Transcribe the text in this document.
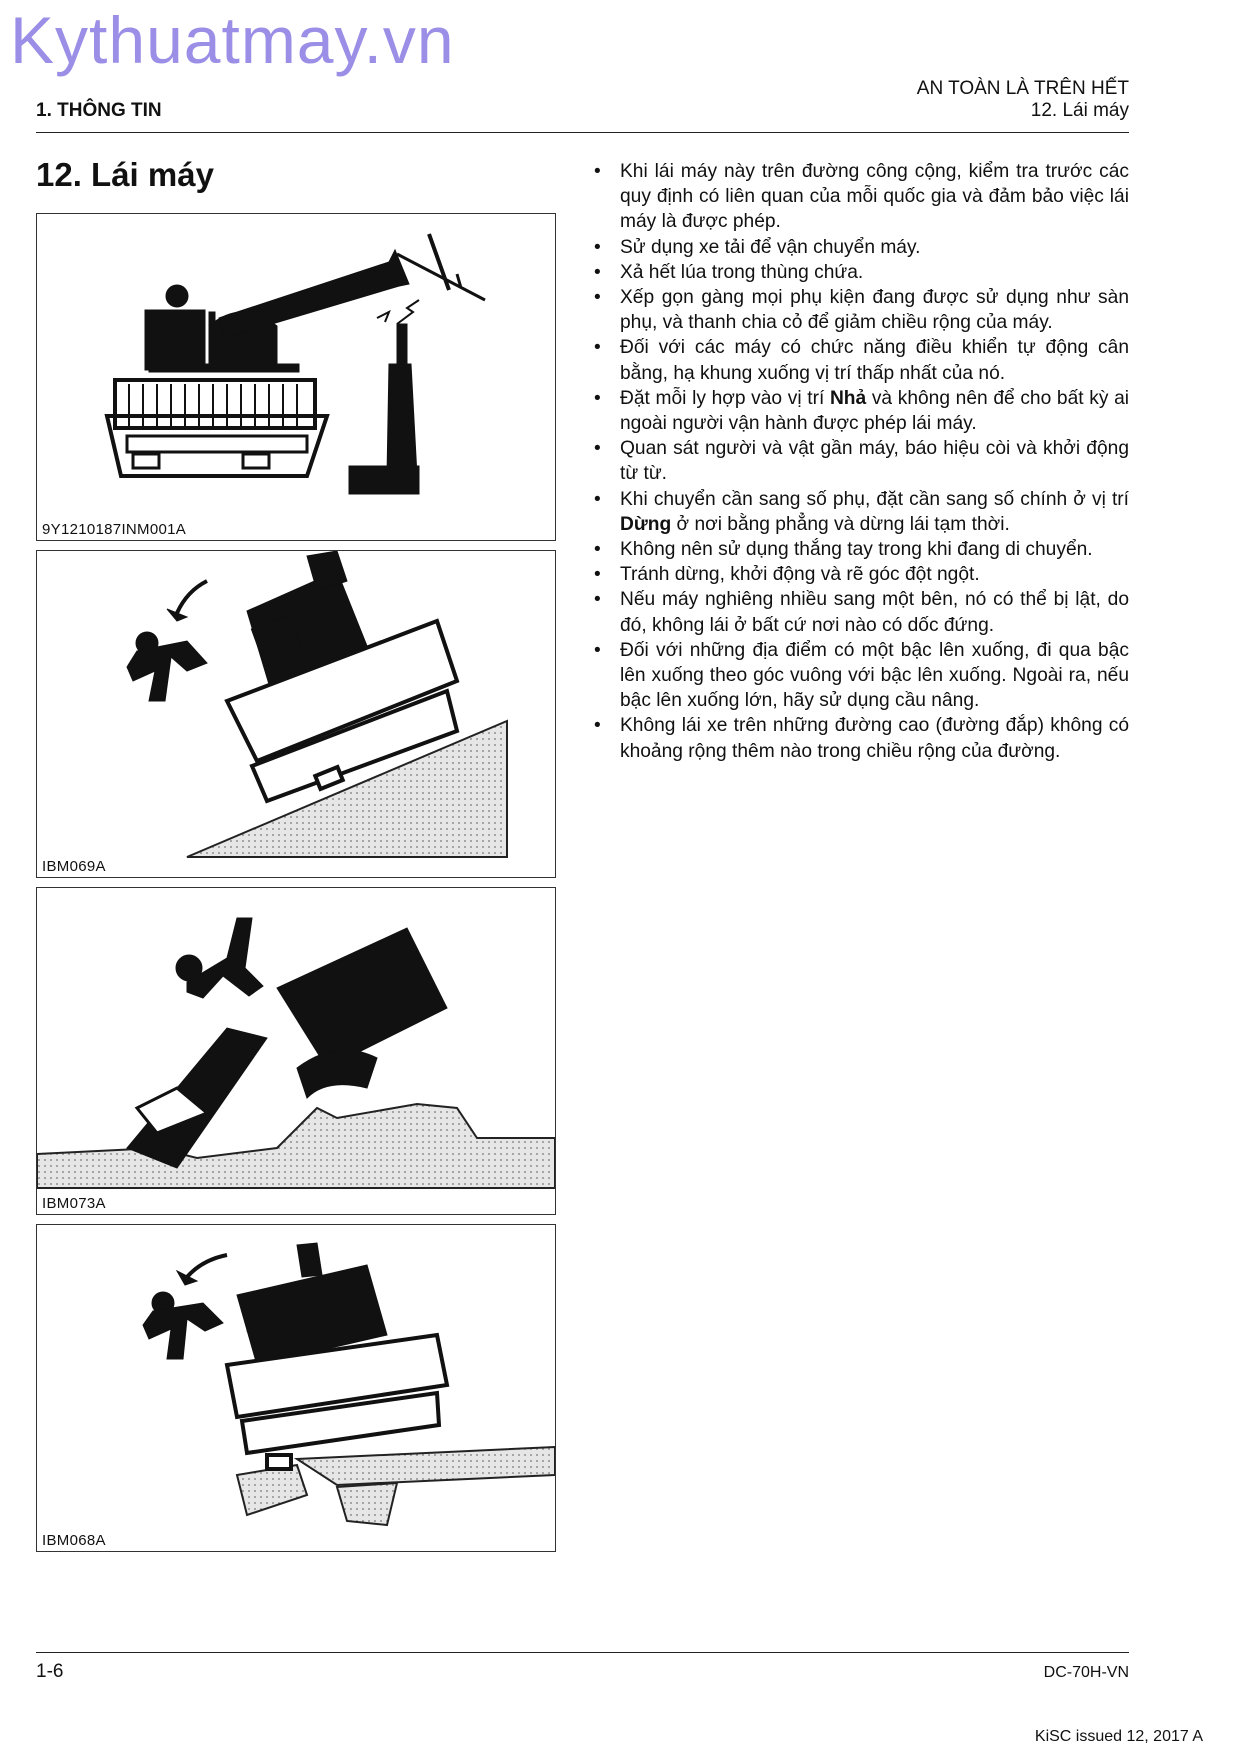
Kythuatmay.vn
1. THÔNG TIN
AN TOÀN LÀ TRÊN HẾT
12. Lái máy
12. Lái máy
9Y1210187INM001A
IBM069A
IBM073A
IBM068A
• Khi lái máy này trên đường công cộng, kiểm tra trước các quy định có liên quan của mỗi quốc gia và đảm bảo việc lái máy là được phép.
• Sử dụng xe tải để vận chuyển máy.
• Xả hết lúa trong thùng chứa.
• Xếp gọn gàng mọi phụ kiện đang được sử dụng như sàn phụ, và thanh chia cỏ để giảm chiều rộng của máy.
• Đối với các máy có chức năng điều khiển tự động cân bằng, hạ khung xuống vị trí thấp nhất của nó.
• Đặt mỗi ly hợp vào vị trí Nhả và không nên để cho bất kỳ ai ngoài người vận hành được phép lái máy.
• Quan sát người và vật gần máy, báo hiệu còi và khởi động từ từ.
• Khi chuyển cần sang số phụ, đặt cần sang số chính ở vị trí Dừng ở nơi bằng phẳng và dừng lái tạm thời.
• Không nên sử dụng thắng tay trong khi đang di chuyển.
• Tránh dừng, khởi động và rẽ góc đột ngột.
• Nếu máy nghiêng nhiều sang một bên, nó có thể bị lật, do đó, không lái ở bất cứ nơi nào có dốc đứng.
• Đối với những địa điểm có một bậc lên xuống, đi qua bậc lên xuống theo góc vuông với bậc lên xuống. Ngoài ra, nếu bậc lên xuống lớn, hãy sử dụng cầu nâng.
• Không lái xe trên những đường cao (đường đắp) không có khoảng rộng thêm nào trong chiều rộng của đường.
1-6	DC-70H-VN
KiSC issued 12, 2017 A
